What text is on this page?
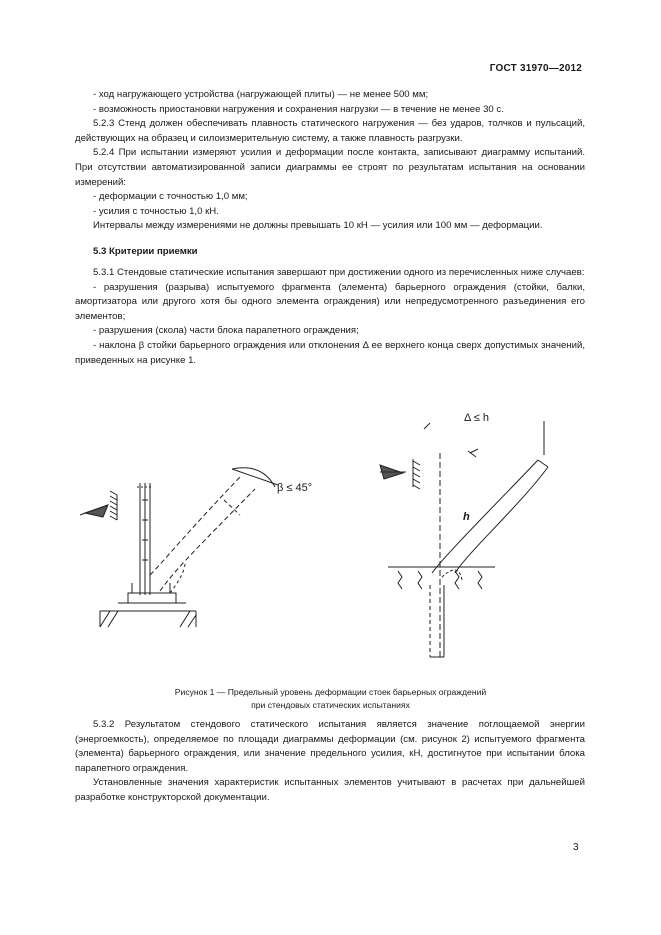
ГОСТ 31970—2012

- ход нагружающего устройства (нагружающей плиты) — не менее 500 мм;

- возможность приостановки нагружения и сохранения нагрузки — в течение не менее 30 с.

5.2.3 Стенд должен обеспечивать плавность статического нагружения — без ударов, толчков и пульсаций, действующих на образец и силоизмерительную систему, а также плавность разгрузки.

5.2.4 При испытании измеряют усилия и деформации после контакта, записывают диаграмму испытаний. При отсутствии автоматизированной записи диаграммы ее строят по результатам испытания на основании измерений:

- деформации с точностью 1,0 мм;

- усилия с точностью 1,0 кН.

Интервалы между измерениями не должны превышать 10 кН — усилия или 100 мм — деформации.

5.3 Критерии приемки

5.3.1 Стендовые статические испытания завершают при достижении одного из перечисленных ниже случаев:

- разрушения (разрыва) испытуемого фрагмента (элемента) барьерного ограждения (стойки, балки, амортизатора или другого хотя бы одного элемента ограждения) или непредусмотренного разъединения его элементов;

- разрушения (скола) части блока парапетного ограждения;

- наклона β стойки барьерного ограждения или отклонения Δ ее верхнего конца сверх допустимых значений, приведенных на рисунке 1.

β ≤ 45°
Δ ≤ h
h
Рисунок 1 — Предельный уровень деформации стоек барьерных ограждений
при стендовых статических испытаниях

5.3.2 Результатом стендового статического испытания является значение поглощаемой энергии (энергоемкость), определяемое по площади диаграммы деформации (см. рисунок 2) испытуемого фрагмента (элемента) барьерного ограждения, или значение предельного усилия, кН, достигнутое при испытании блока парапетного ограждения.

Установленные значения характеристик испытанных элементов учитывают в расчетах при дальнейшей разработке конструкторской документации.

3
